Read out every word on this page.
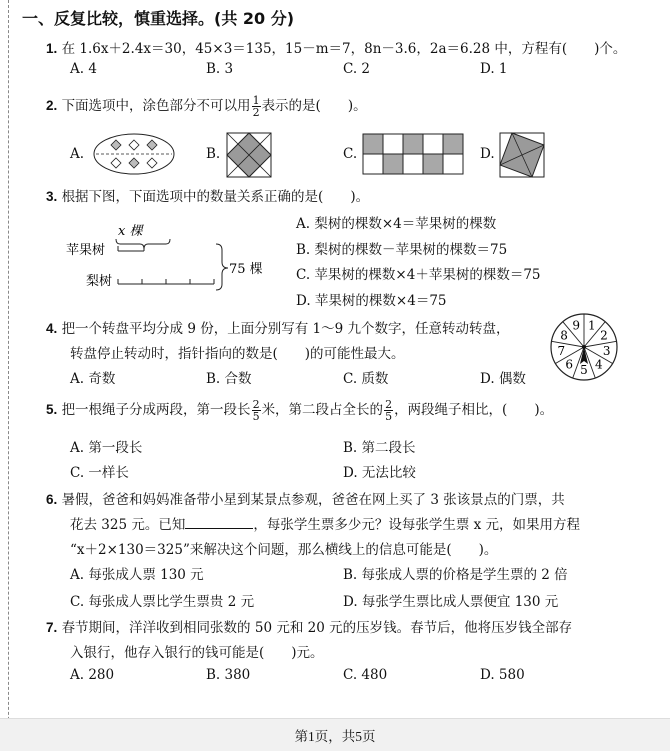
一、反复比较，慎重选择。(共 20 分)
1. 在 1.6x＋2.4x＝30，45×3＝135，15－m＝7，8n－3.6，2a＝6.28 中，方程有(　　)个。
A. 4	B. 3	C. 2	D. 1
2. 下面选项中，涂色部分不可以用 $\frac{1}{2}$ 表示的是(　　)。
A.	B.	C.	D.
3. 根据下图，下面选项中的数量关系正确的是(　　)。
x 棵
苹果树
梨树
75 棵
A. 梨树的棵数×4＝苹果树的棵数
B. 梨树的棵数－苹果树的棵数＝75
C. 苹果树的棵数×4＋苹果树的棵数＝75
D. 苹果树的棵数×4＝75
4. 把一个转盘平均分成 9 份，上面分别写有 1～9 九个数字，任意转动转盘，
转盘停止转动时，指针指向的数是(　　)的可能性最大。
A. 奇数	B. 合数	C. 质数	D. 偶数
1
2
3
4
5
6
7
8
9
5. 把一根绳子分成两段，第一段长 $\frac{2}{5}$ 米，第二段占全长的 $\frac{2}{5}$ ，两段绳子相比，(　　)。
A. 第一段长	B. 第二段长
C. 一样长	D. 无法比较
6. 暑假，爸爸和妈妈准备带小星到某景点参观，爸爸在网上买了 3 张该景点的门票，共
花去 325 元。已知	，每张学生票多少元？设每张学生票 x 元，如果用方程
“x＋2×130＝325”来解决这个问题，那么横线上的信息可能是(　　)。
A. 每张成人票 130 元	B. 每张成人票的价格是学生票的 2 倍
C. 每张成人票比学生票贵 2 元	D. 每张学生票比成人票便宜 130 元
7. 春节期间，洋洋收到相同张数的 50 元和 20 元的压岁钱。春节后，他将压岁钱全部存
入银行，他存入银行的钱可能是(　　)元。
A. 280	B. 380	C. 480	D. 580
第1页，共5页
